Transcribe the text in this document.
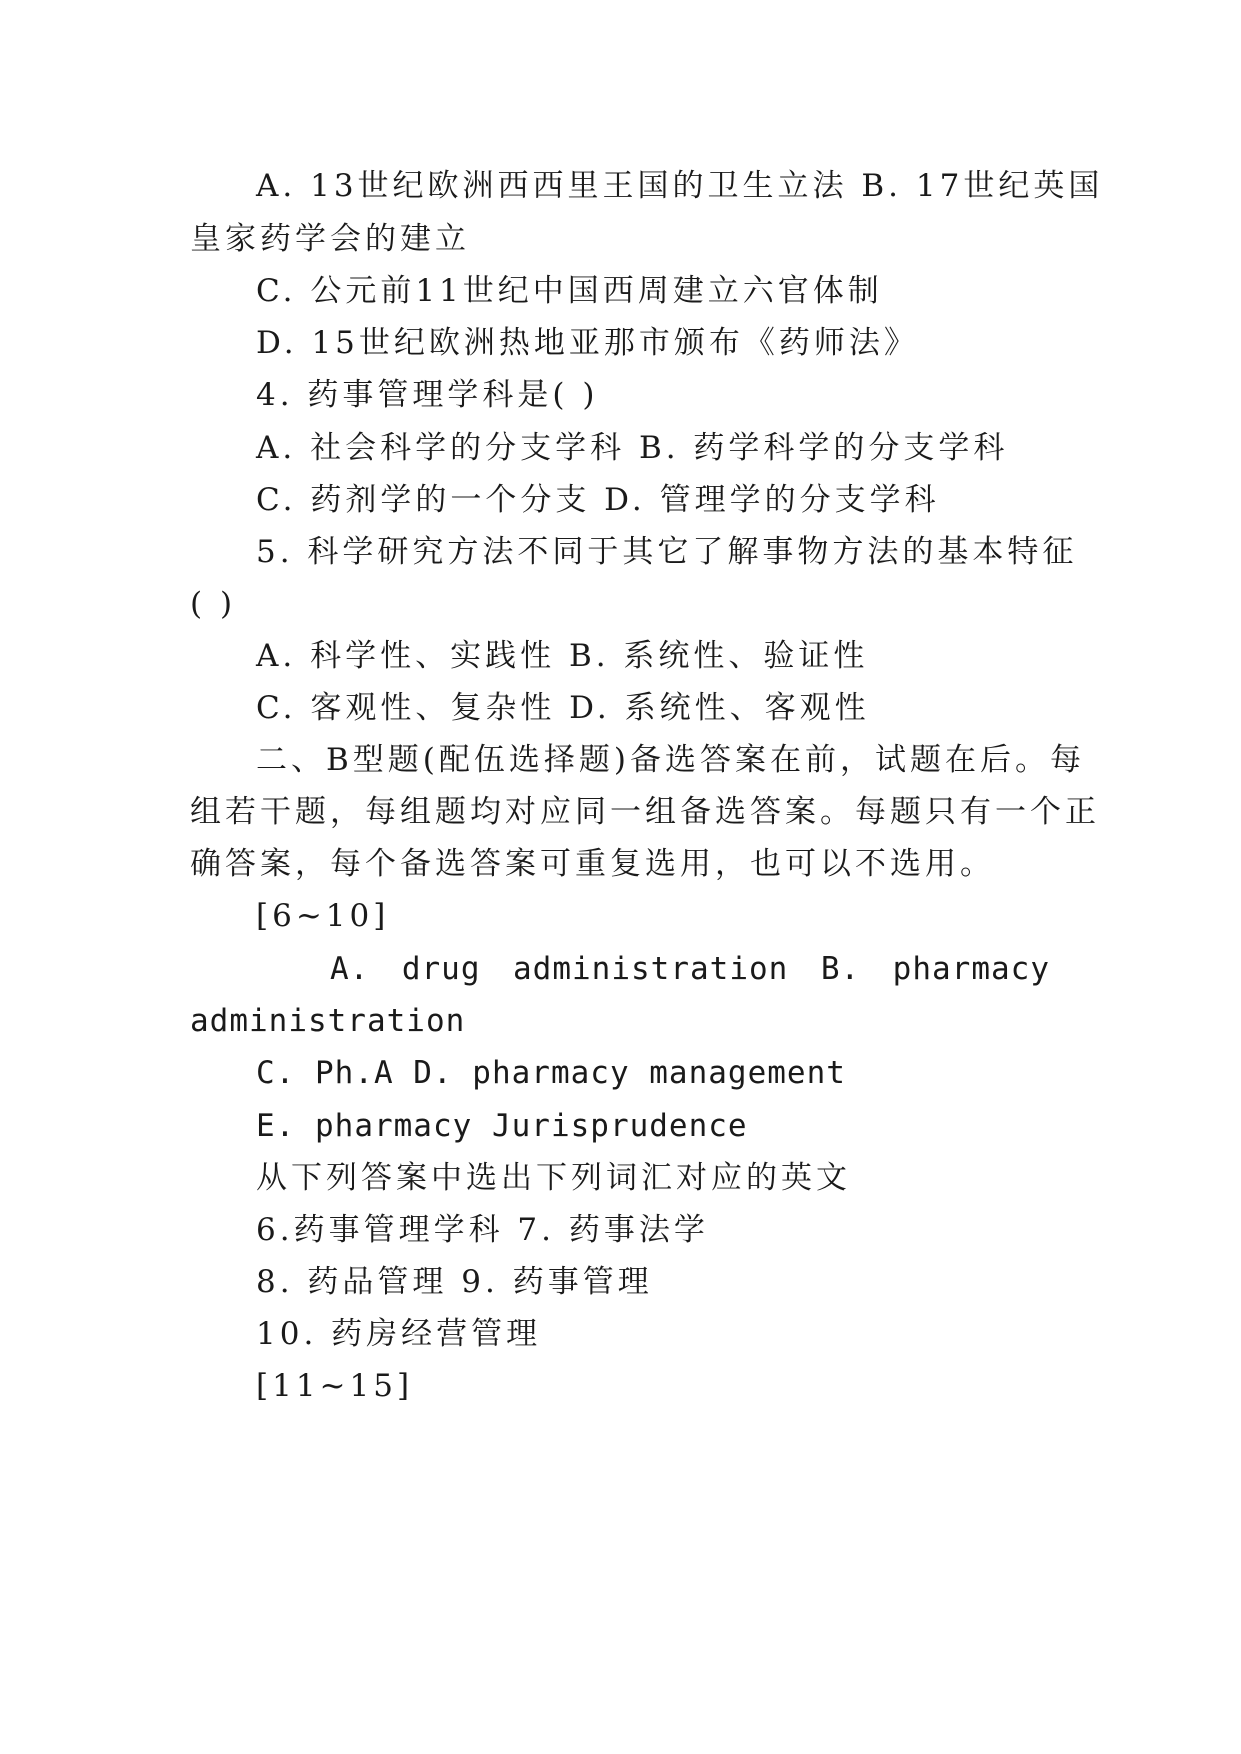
A. 13世纪欧洲西西里王国的卫生立法 B. 17世纪英国
皇家药学会的建立
C. 公元前11世纪中国西周建立六官体制
D. 15世纪欧洲热地亚那市颁布《药师法》
4. 药事管理学科是( )
A. 社会科学的分支学科 B. 药学科学的分支学科
C. 药剂学的一个分支 D. 管理学的分支学科
5. 科学研究方法不同于其它了解事物方法的基本特征
( )
A. 科学性、实践性 B. 系统性、验证性
C. 客观性、复杂性 D. 系统性、客观性
二、B型题(配伍选择题)备选答案在前，试题在后。每
组若干题，每组题均对应同一组备选答案。每题只有一个正
确答案，每个备选答案可重复选用，也可以不选用。
[6~10]
A. drug administration B. pharmacy
administration
C. Ph.A D. pharmacy management
E. pharmacy Jurisprudence
从下列答案中选出下列词汇对应的英文
6.药事管理学科 7. 药事法学
8. 药品管理 9. 药事管理
10. 药房经营管理
[11~15]
